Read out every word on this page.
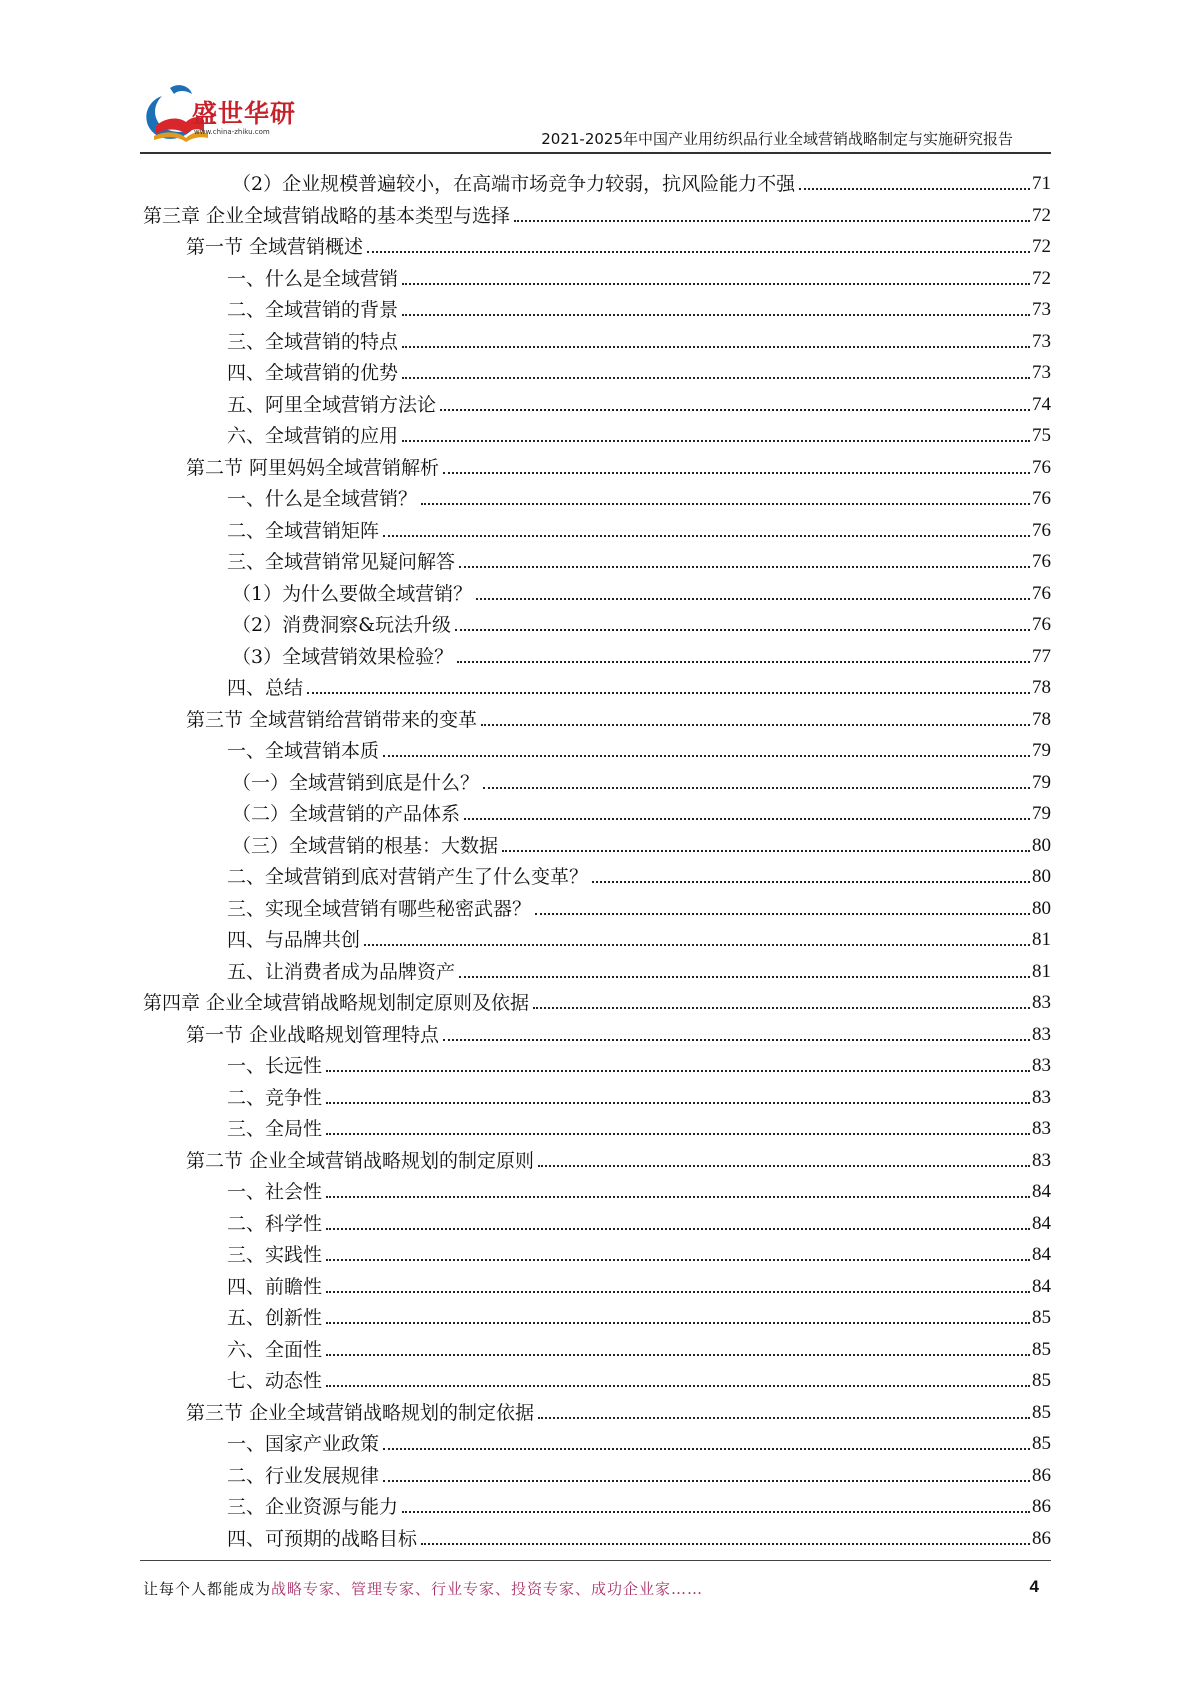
盛世华研
www.china-zhiku.com	2021-2025年中国产业用纺织品行业全域营销战略制定与实施研究报告
（2）企业规模普遍较小，在高端市场竞争力较弱，抗风险能力不强	71
第三章 企业全域营销战略的基本类型与选择	72
第一节 全域营销概述	72
一、什么是全域营销	72
二、全域营销的背景	73
三、全域营销的特点	73
四、全域营销的优势	73
五、阿里全域营销方法论	74
六、全域营销的应用	75
第二节 阿里妈妈全域营销解析	76
一、什么是全域营销？	76
二、全域营销矩阵	76
三、全域营销常见疑问解答	76
（1）为什么要做全域营销？	76
（2）消费洞察&玩法升级	76
（3）全域营销效果检验？	77
四、总结	78
第三节 全域营销给营销带来的变革	78
一、全域营销本质	79
（一）全域营销到底是什么？	79
（二）全域营销的产品体系	79
（三）全域营销的根基：大数据	80
二、全域营销到底对营销产生了什么变革？	80
三、实现全域营销有哪些秘密武器？	80
四、与品牌共创	81
五、让消费者成为品牌资产	81
第四章 企业全域营销战略规划制定原则及依据	83
第一节 企业战略规划管理特点	83
一、长远性	83
二、竞争性	83
三、全局性	83
第二节 企业全域营销战略规划的制定原则	83
一、社会性	84
二、科学性	84
三、实践性	84
四、前瞻性	84
五、创新性	85
六、全面性	85
七、动态性	85
第三节 企业全域营销战略规划的制定依据	85
一、国家产业政策	85
二、行业发展规律	86
三、企业资源与能力	86
四、可预期的战略目标	86
让每个人都能成为战略专家、管理专家、行业专家、投资专家、成功企业家……	4
